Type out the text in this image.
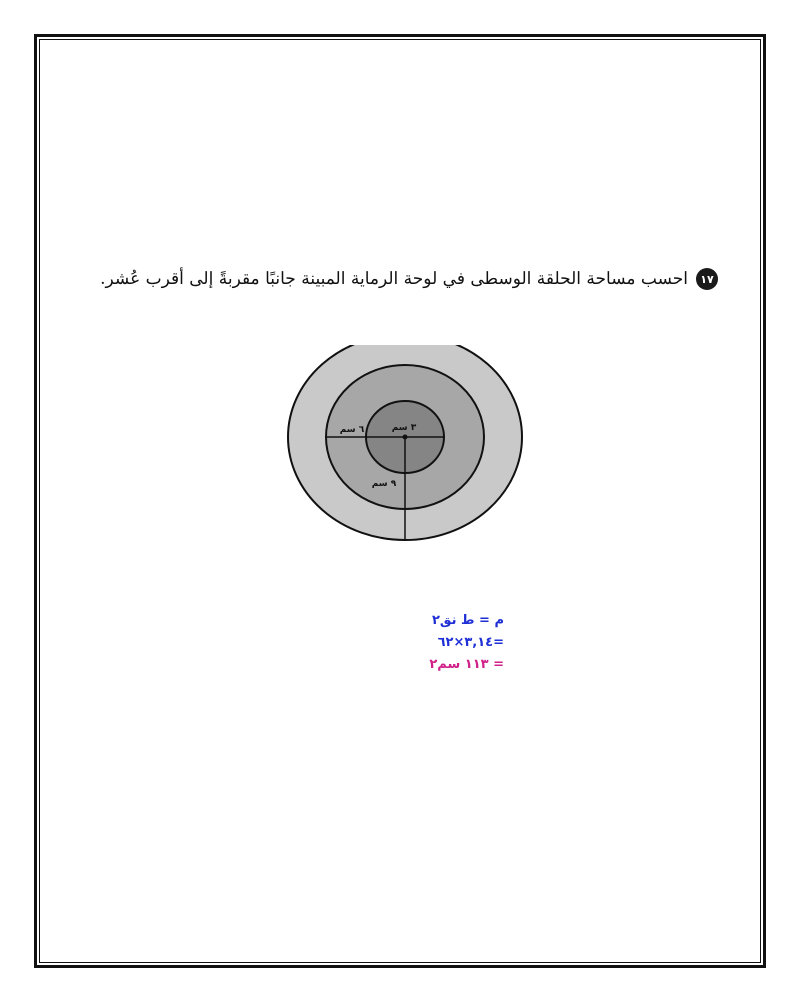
١٧
احسب مساحة الحلقة الوسطى في لوحة الرماية المبينة جانبًا مقربةً إلى أقرب عُشر.
٣ سم
٦ سم
٩ سم
م = ط نق٢
=٣,١٤×٦٢
= ١١٣ سم٢
